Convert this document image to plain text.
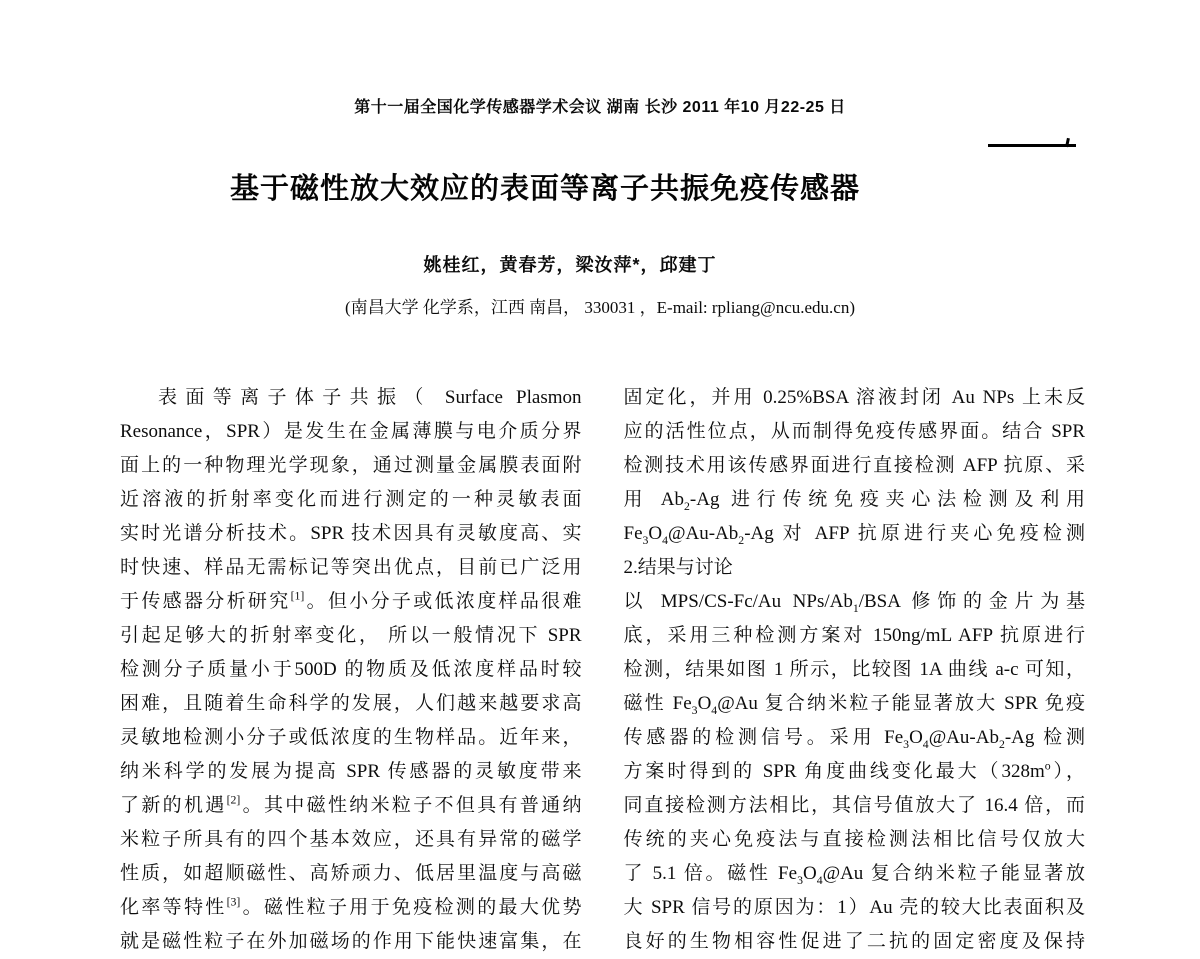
第十一届全国化学传感器学术会议 湖南 长沙 2011 年10 月22-25 日
基于磁性放大效应的表面等离子共振免疫传感器
姚桂红，黄春芳，梁汝萍*，邱建丁
(南昌大学 化学系，江西 南昌， 330031 ，E-mail: rpliang@ncu.edu.cn)
表面等离子体子共振（ Surface Plasmon
Resonance，SPR）是发生在金属薄膜与电介质分界
面上的一种物理光学现象，通过测量金属膜表面附
近溶液的折射率变化而进行测定的一种灵敏表面
实时光谱分析技术。SPR 技术因具有灵敏度高、实
时快速、样品无需标记等突出优点，目前已广泛用
于传感器分析研究[1]。但小分子或低浓度样品很难
引起足够大的折射率变化， 所以一般情况下 SPR
检测分子质量小于500D 的物质及低浓度样品时较
困难，且随着生命科学的发展，人们越来越要求高
灵敏地检测小分子或低浓度的生物样品。近年来，
纳米科学的发展为提高 SPR 传感器的灵敏度带来
了新的机遇[2]。其中磁性纳米粒子不但具有普通纳
米粒子所具有的四个基本效应，还具有异常的磁学
性质，如超顺磁性、高矫顽力、低居里温度与高磁
化率等特性[3]。磁性粒子用于免疫检测的最大优势
就是磁性粒子在外加磁场的作用下能快速富集，在
固定化，并用 0.25%BSA 溶液封闭 Au NPs 上未反
应的活性位点，从而制得免疫传感界面。结合 SPR
检测技术用该传感界面进行直接检测 AFP 抗原、采
用 $Ab_2-Ag$ 进行传统免疫夹心法检测及利用
$Fe_3O_4@Au-Ab_2-Ag$ 对 AFP 抗原进行夹心免疫检测
2.结果与讨论
以 MPS/CS-Fc/Au NPs/$Ab_1$/BSA 修饰的金片为基
底，采用三种检测方案对 150ng/mL AFP 抗原进行
检测，结果如图 1 所示，比较图 1A 曲线 a-c 可知，
磁性 $Fe_3O_4@Au$ 复合纳米粒子能显著放大 SPR 免疫
传感器的检测信号。采用 $Fe_3O_4@Au-Ab_2-Ag$ 检测
方案时得到的 SPR 角度曲线变化最大$(328m^o)$，
同直接检测方法相比，其信号值放大了 16.4 倍，而
传统的夹心免疫法与直接检测法相比信号仅放大
了 5.1 倍。磁性 $Fe_3O_4@Au$ 复合纳米粒子能显著放
大 SPR 信号的原因为：1）Au 壳的较大比表面积及
良好的生物相容性促进了二抗的固定密度及保持
